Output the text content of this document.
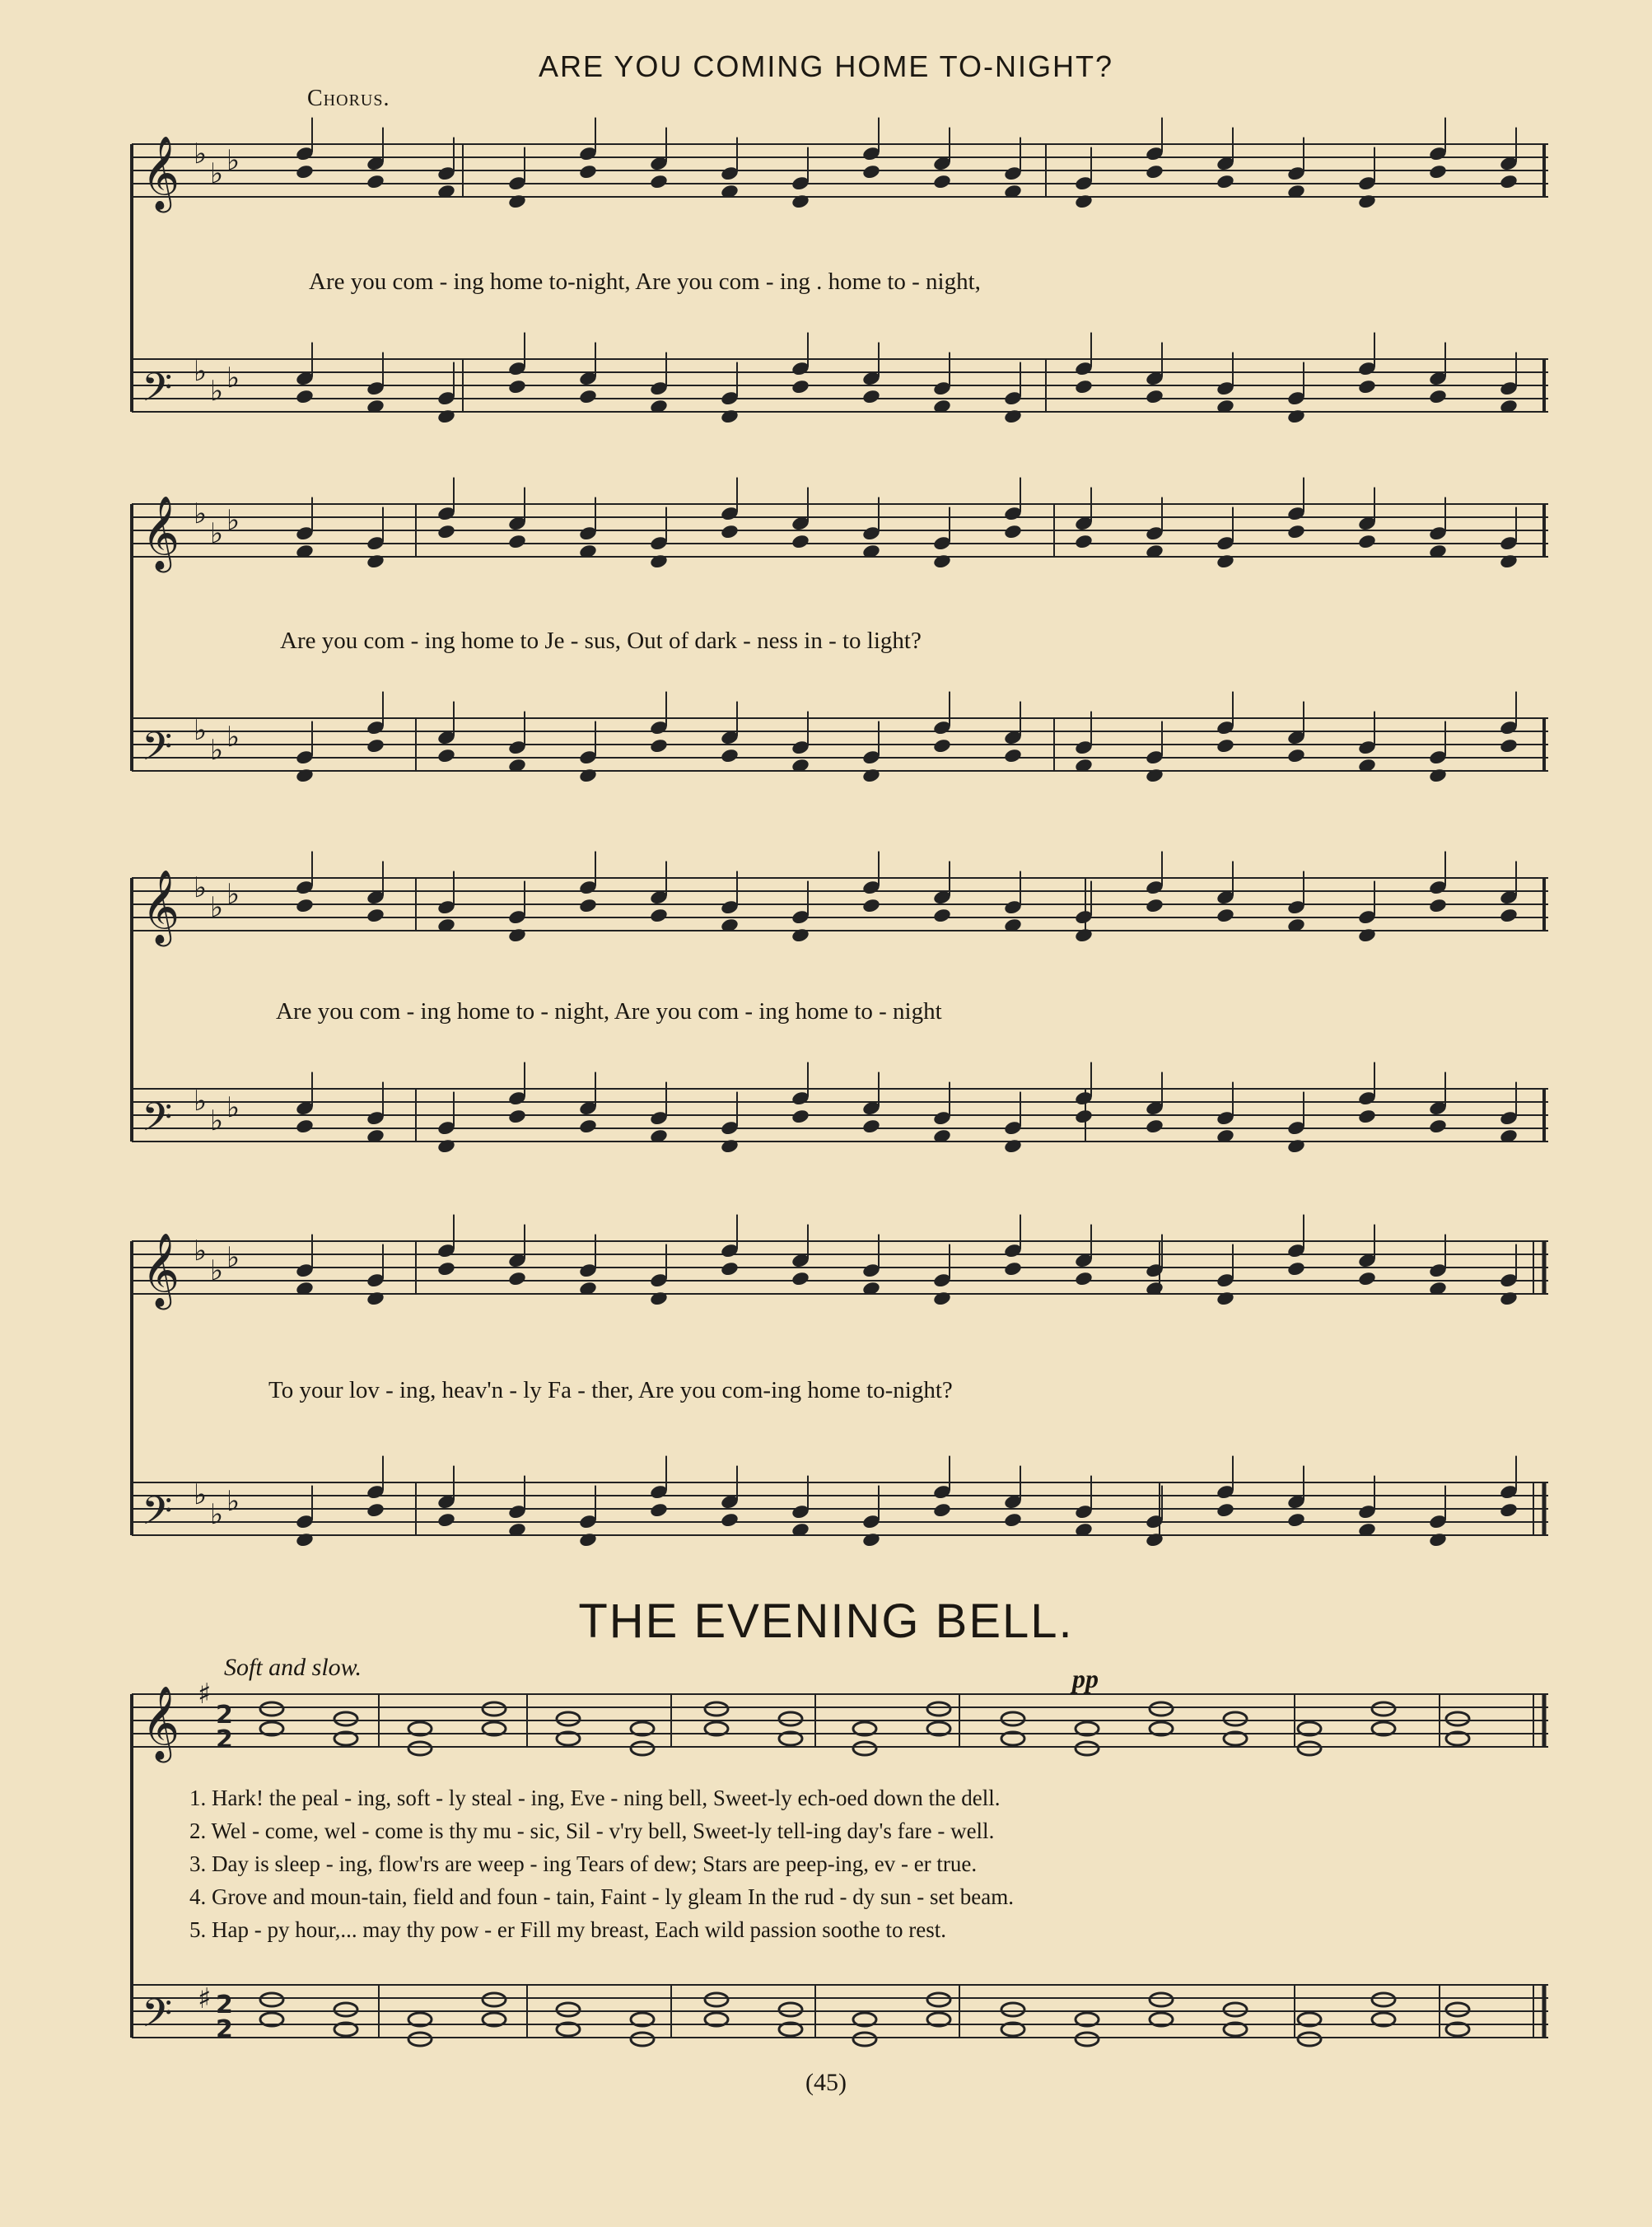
𝄞
𝄢
𝄞
𝄢
𝄞
𝄢
𝄞
𝄢
𝄞
𝄢
♭
♭ ♭
♭
♭ ♭
♭
♭ ♭
♭
♭ ♭
♭
♭ ♭
♭
♭ ♭
♭
♭ ♭
♭
♭ ♭
♯
♯
2
2
2
2
ARE YOU COMING HOME TO-NIGHT?
Chorus.
Are you com - ing home to-night, Are you com - ing . home to - night,
Are you com - ing home to Je - sus, Out of dark - ness in - to light?
Are you com - ing home to - night, Are you com - ing home to - night
To your lov - ing, heav'n - ly Fa - ther, Are you com-ing home to-night?
THE EVENING BELL.
Soft and slow.	pp
1. Hark! the peal - ing, soft - ly steal - ing, Eve - ning bell, Sweet-ly ech-oed down the dell.
2. Wel - come, wel - come is thy mu - sic, Sil - v'ry bell, Sweet-ly tell-ing day's fare - well.
3. Day is sleep - ing, flow'rs are weep - ing Tears of dew; Stars are peep-ing, ev - er true.
4. Grove and moun-tain, field and foun - tain, Faint - ly gleam In the rud - dy sun - set beam.
5. Hap - py hour,... may thy pow - er Fill my breast, Each wild passion soothe to rest.
(45)
